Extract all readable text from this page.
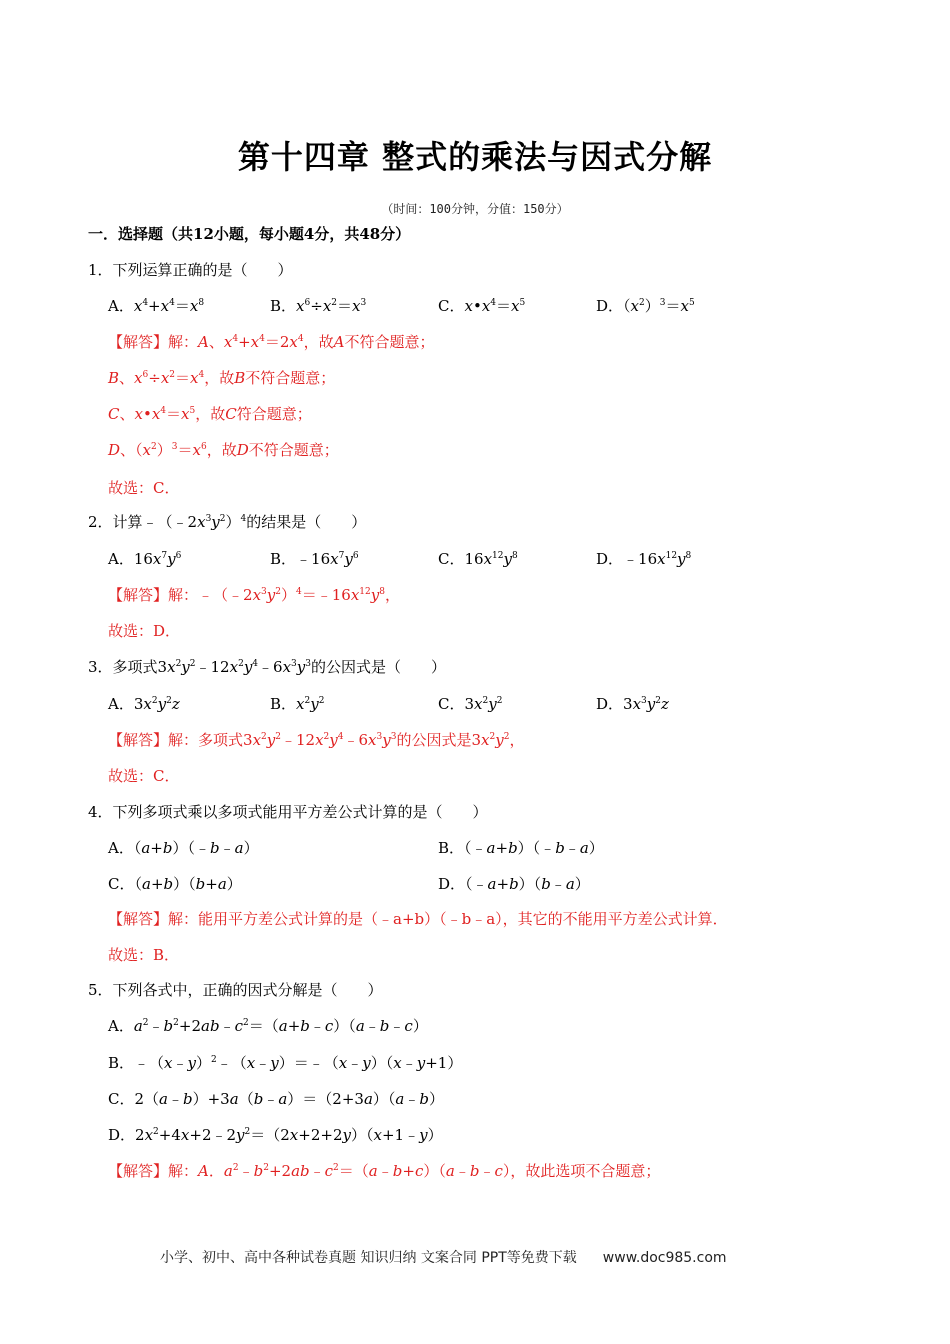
第十四章 整式的乘法与因式分解
（时间：100分钟，分值：150分）
一．选择题（共12小题，每小题4分，共48分）
1．下列运算正确的是（　　）
A．$x^4+x^4=x^8$	B．$x^6\div x^2=x^3$	C．$x•x^4=x^5$	D．$(x^2)^3=x^5$
【解答】解：A、$x^4+x^4=2x^4$，故A不符合题意；
B、$x^6\div x^2=x^4$，故B不符合题意；
C、$x•x^4=x^5$，故C符合题意；
D、$(x^2)^3=x^6$，故D不符合题意；
故选：C．
2．计算$﹣(﹣2x^3y^2)^4$的结果是（　　）
A．$16x^7y^6$	B．$﹣16x^7y^6$	C．$16x^{12}y^8$	D．$﹣16x^{12}y^8$
【解答】解：$﹣(﹣2x^3y^2)^4=﹣16x^{12}y^8$，
故选：D．
3．多项式$3x^2y^2﹣12x^2y^4﹣6x^3y^3$的公因式是（　　）
A．$3x^2y^2z$	B．$x^2y^2$	C．$3x^2y^2$	D．$3x^3y^2z$
【解答】解：多项式$3x^2y^2﹣12x^2y^4﹣6x^3y^3$的公因式是$3x^2y^2$，
故选：C．
4．下列多项式乘以多项式能用平方差公式计算的是（　　）
A．（a+b）（﹣b﹣a）	B．（﹣a+b）（﹣b﹣a）
C．（a+b）（b+a）	D．（﹣a+b）（b﹣a）
【解答】解：能用平方差公式计算的是（﹣a+b）（﹣b﹣a），其它的不能用平方差公式计算．
故选：B．
5．下列各式中，正确的因式分解是（　　）
A．$a^2﹣b^2+2ab﹣c^2=(a+b﹣c)(a﹣b﹣c)$
B．﹣（x﹣y）$^2$﹣（x﹣y）＝﹣（x﹣y）（x﹣y+1）
C．2（a﹣b）+3a（b﹣a）＝（2+3a）（a﹣b）
D．$2x^2+4x+2﹣2y^2=(2x+2+2y)(x+1﹣y)$
【解答】解：A．$a^2﹣b^2+2ab﹣c^2=(a﹣b+c)(a﹣b﹣c)$，故此选项不合题意；
小学、初中、高中各种试卷真题 知识归纳 文案合同 PPT等免费下载 www.doc985.com
